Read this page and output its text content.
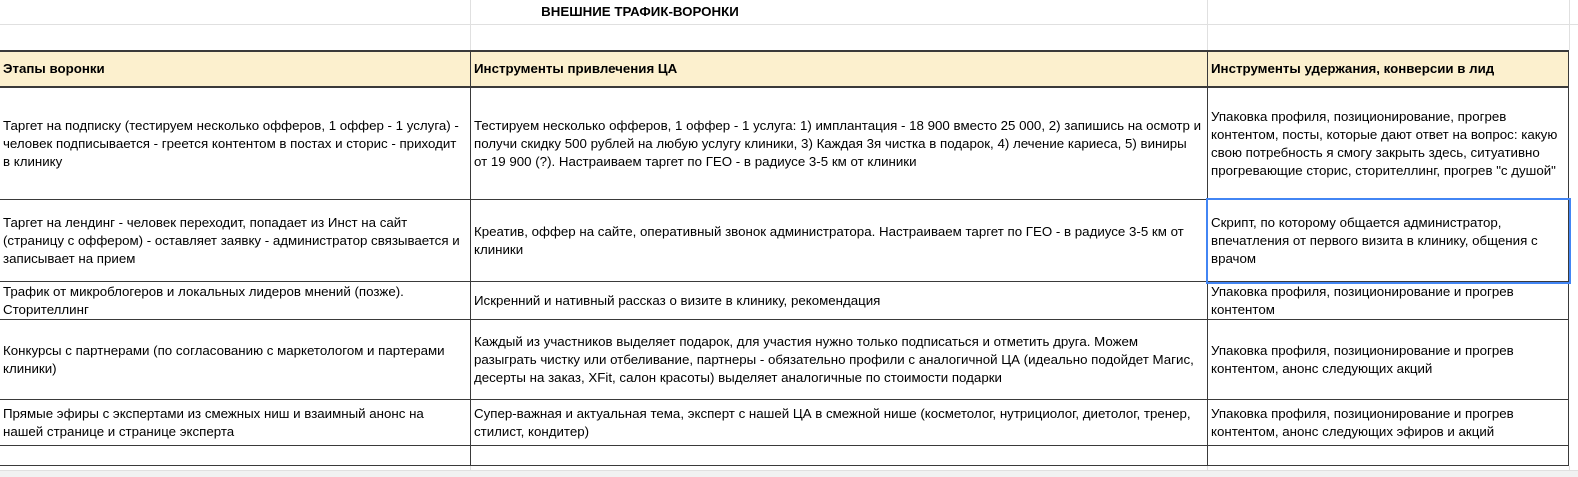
ВНЕШНИЕ ТРАФИК-ВОРОНКИ
Этапы воронки	Инструменты привлечения ЦА	Инструменты удержания, конверсии в лид
Таргет на подписку (тестируем несколько офферов, 1 оффер - 1 услуга) - человек подписывается - греется контентом в постах и сторис - приходит в клинику
Тестируем несколько офферов, 1 оффер - 1 услуга: 1) имплантация - 18 900 вместо 25 000, 2) запишись на осмотр и получи скидку 500 рублей на любую услугу клиники, 3) Каждая 3я чистка в подарок, 4) лечение кариеса, 5) виниры от 19 900 (?). Настраиваем таргет по ГЕО - в радиусе 3-5 км от клиники
Упаковка профиля, позиционирование, прогрев контентом, посты, которые дают ответ на вопрос: какую свою потребность я смогу закрыть здесь, ситуативно прогревающие сторис, сторителлинг, прогрев "с душой"
Таргет на лендинг - человек переходит, попадает из Инст на сайт (страницу с оффером) - оставляет заявку - администратор связывается и записывает на прием
Креатив, оффер на сайте, оперативный звонок администратора. Настраиваем таргет по ГЕО - в радиусе 3-5 км от клиники
Скрипт, по которому общается администратор, впечатления от первого визита в клинику, общения с врачом
Трафик от микроблогеров и локальных лидеров мнений (позже). Сторителлинг
Искренний и нативный рассказ о визите в клинику, рекомендация
Упаковка профиля, позиционирование и прогрев контентом
Конкурсы с партнерами (по согласованию с маркетологом и партерами клиники)
Каждый из участников выделяет подарок, для участия нужно только подписаться и отметить друга. Можем разыграть чистку или отбеливание, партнеры - обязательно профили с аналогичной ЦА (идеально подойдет Магис, десерты на заказ, XFit, салон красоты) выделяет аналогичные по стоимости подарки
Упаковка профиля, позиционирование и прогрев контентом, анонс следующих акций
Прямые эфиры с экспертами из смежных ниш и взаимный анонс на нашей странице и странице эксперта
Супер-важная и актуальная тема, эксперт с нашей ЦА в смежной нише (косметолог, нутрициолог, диетолог, тренер, стилист, кондитер)
Упаковка профиля, позиционирование и прогрев контентом, анонс следующих эфиров и акций
